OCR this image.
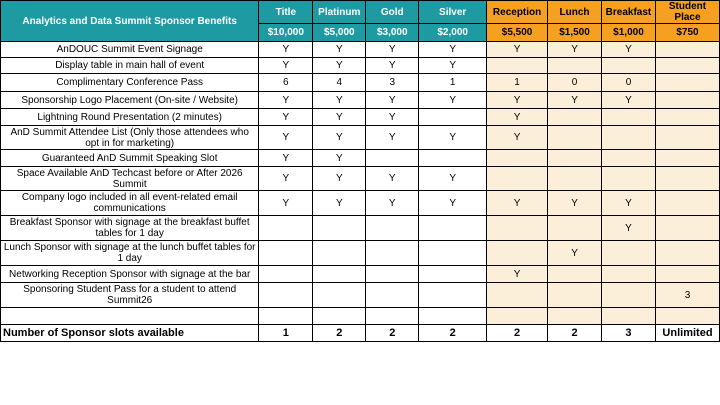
Analytics and Data Summit Sponsor Benefits	Title	Platinum	Gold	Silver	Reception	Lunch	Breakfast	Student Place
	$10,000	$5,000	$3,000	$2,000	$5,500	$1,500	$1,000	$750
AnDOUC Summit Event Signage	Y	Y	Y	Y	Y	Y	Y	
Display table in main hall of event	Y	Y	Y	Y				
Complimentary Conference Pass	6	4	3	1	1	0	0	
Sponsorship Logo Placement (On-site / Website)	Y	Y	Y	Y	Y	Y	Y	
Lightning Round Presentation (2 minutes)	Y	Y	Y		Y			
AnD Summit Attendee List (Only those attendees who opt in for marketing)	Y	Y	Y	Y	Y			
Guaranteed AnD Summit Speaking Slot	Y	Y						
Space Available AnD Techcast before or After 2026 Summit	Y	Y	Y	Y				
Company logo included in all event-related email communications	Y	Y	Y	Y	Y	Y	Y	
Breakfast Sponsor with signage at the breakfast buffet tables for 1 day							Y	
Lunch Sponsor with signage at the lunch buffet tables for 1 day						Y		
Networking Reception Sponsor with signage at the bar					Y			
Sponsoring Student Pass for a student to attend Summit26								3

Number of Sponsor slots available	1	2	2	2	2	2	3	Unlimited
